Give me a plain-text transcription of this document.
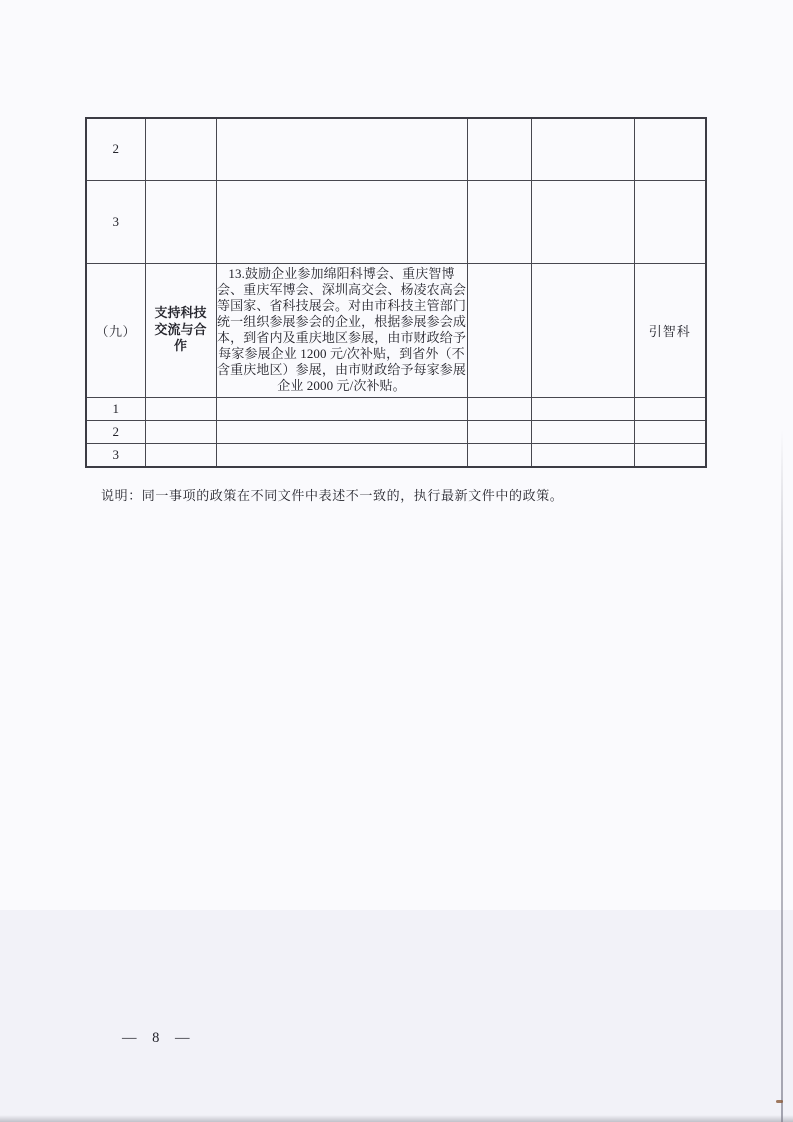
2					
3					
（九）	支持科技交流与合作	13.鼓励企业参加绵阳科博会、重庆智博会、重庆军博会、深圳高交会、杨凌农高会等国家、省科技展会。对由市科技主管部门统一组织参展参会的企业，根据参展参会成本，到省内及重庆地区参展，由市财政给予每家参展企业 1200 元/次补贴，到省外（不含重庆地区）参展，由市财政给予每家参展企业 2000 元/次补贴。			引智科
1					
2					
3					
说明：同一事项的政策在不同文件中表述不一致的，执行最新文件中的政策。
— 8 —
